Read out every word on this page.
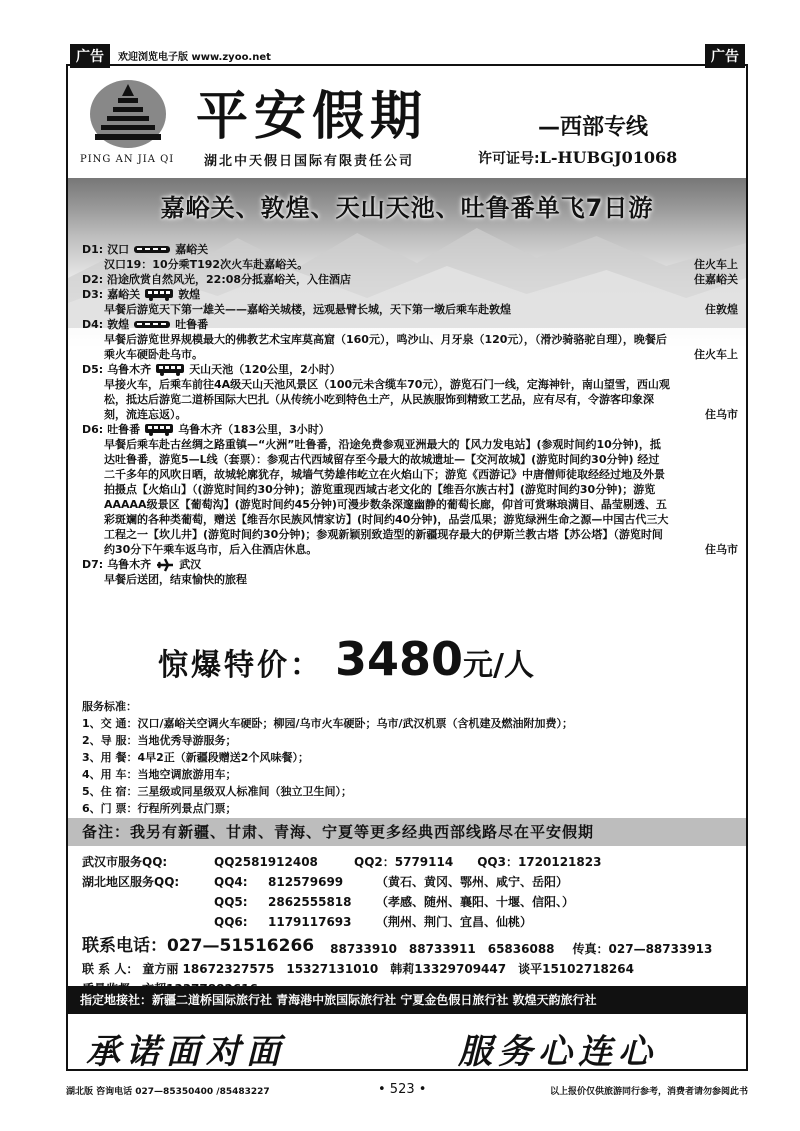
广告	欢迎浏览电子版 www.zyoo.net	广告
PING AN JIA QI
平安假期	—西部专线
湖北中天假日国际有限责任公司	许可证号:L-HUBGJ01068
嘉峪关、敦煌、天山天池、吐鲁番单飞7日游
D1: 汉口	嘉峪关
汉口19：10分乘T192次火车赴嘉峪关。	住火车上
D2: 沿途欣赏自然风光，22:08分抵嘉峪关，入住酒店	住嘉峪关
D3: 嘉峪关	敦煌
早餐后游览天下第一雄关——嘉峪关城楼，远观悬臂长城，天下第一墩后乘车赴敦煌	住敦煌
D4: 敦煌	吐鲁番
早餐后游览世界规模最大的佛教艺术宝库莫高窟（160元），鸣沙山、月牙泉（120元），（滑沙骑骆驼自理），晚餐后乘火车硬卧赴乌市。	住火车上
D5: 乌鲁木齐	天山天池（120公里，2小时）
早接火车，后乘车前往4A级天山天池风景区（100元未含缆车70元），游览石门一线，定海神针，南山望雪，西山观松，抵达后游览二道桥国际大巴扎（从传统小吃到特色土产，从民族服饰到精致工艺品，应有尽有，令游客印象深刻，流连忘返）。	住乌市
D6: 吐鲁番	乌鲁木齐（183公里，3小时）
早餐后乘车赴古丝绸之路重镇—“火洲”吐鲁番，沿途免费参观亚洲最大的【风力发电站】(参观时间约10分钟)，抵达吐鲁番，游览5—L线（套票）：参观古代西域留存至今最大的故城遗址—【交河故城】(游览时间约30分钟) 经过二千多年的风吹日晒，故城轮廓犹存，城墙气势雄伟屹立在火焰山下；游览《西游记》中唐僧师徒取经经过地及外景拍摄点【火焰山】（(游览时间约30分钟)；游览重现西域古老文化的【维吾尔族古村】(游览时间约30分钟)；游览AAAAA级景区【葡萄沟】(游览时间约45分钟)可漫步数条深邃幽静的葡萄长廊，仰首可赏琳琅满目、晶莹剔透、五彩斑斓的各种类葡萄，赠送【维吾尔民族风情家访】(时间约40分钟)，品尝瓜果；游览绿洲生命之源—中国古代三大工程之一【坎儿井】(游览时间约30分钟)；参观新颖别致造型的新疆现存最大的伊斯兰教古塔【苏公塔】（游览时间约30分下午乘车返乌市，后入住酒店休息。	住乌市
D7: 乌鲁木齐	武汉
早餐后送团，结束愉快的旅程
惊爆特价： 3480元/人
服务标准：
1、交 通：汉口/嘉峪关空调火车硬卧；柳园/乌市火车硬卧；乌市/武汉机票（含机建及燃油附加费）；
2、导 服：当地优秀导游服务；
3、用 餐：4早2正（新疆段赠送2个风味餐）；
4、用 车：当地空调旅游用车；
5、住 宿：三星级或同星级双人标准间（独立卫生间）；
6、门 票：行程所列景点门票；
备注：我另有新疆、甘肃、青海、宁夏等更多经典西部线路尽在平安假期
武汉市服务QQ:	QQ2581912408	QQ2：5779114　　QQ3：1720121823
湖北地区服务QQ:	QQ4:	812579699	（黄石、黄冈、鄂州、咸宁、岳阳）
QQ5:	2862555818	（孝感、随州、襄阳、十堰、信阳、）
QQ6:	1179117693	（荆州、荆门、宜昌、仙桃）
联系电话： 027—51516266 88733910　88733911　65836088 传真：027—88733913
联 系 人： 童方丽 18672327575 15327131010 韩莉13329709447 谈平15102718264
指定地接社：新疆二道桥国际旅行社 青海港中旅国际旅行社 宁夏金色假日旅行社 敦煌天韵旅行社
承诺面对面	服务心连心
湖北版 咨询电话 027—85350400 /85483227	• 523 •	以上报价仅供旅游同行参考，消费者请勿参阅此书
